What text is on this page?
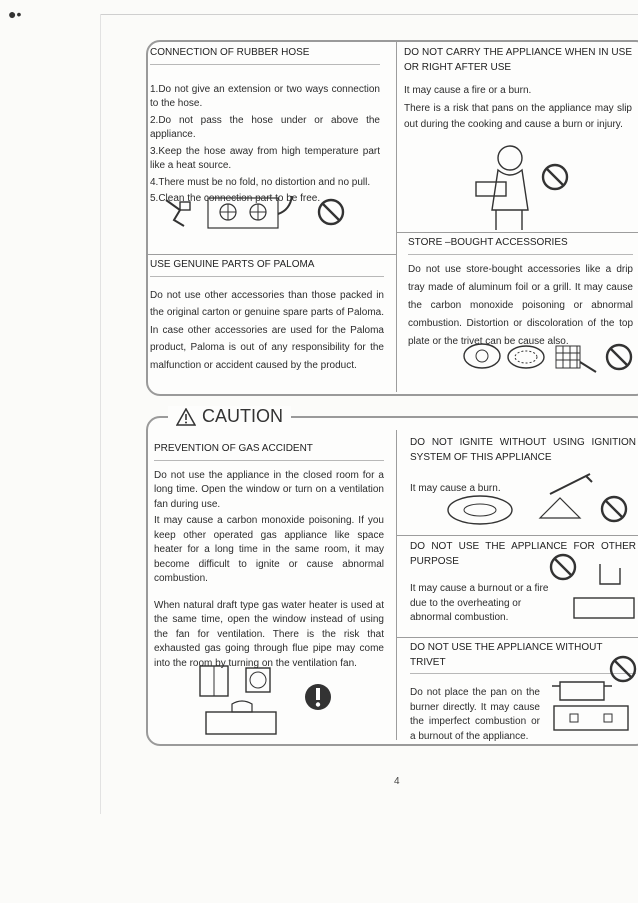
●•
CONNECTION OF RUBBER HOSE

1.Do not give an extension or two ways connection to the hose.

2.Do not pass the hose under or above the appliance.

3.Keep the hose away from high temperature part like a heat source.

4.There must be no fold, no distortion and no pull.

5.Clean the connection part to be free.

USE GENUINE PARTS OF PALOMA

Do not use other accessories than those packed in the original carton or genuine spare parts of Paloma. In case other accessories are used for the Paloma product, Paloma is out of any responsibility for the malfunction or accident caused by the product.

DO NOT CARRY THE APPLIANCE WHEN IN USE OR RIGHT AFTER USE

It may cause a fire or a burn.

There is a risk that pans on the appliance may slip out during the cooking and cause a burn or injury.

STORE –BOUGHT ACCESSORIES

Do not use store-bought accessories like a drip tray made of aluminum foil or a grill. It may cause the carbon monoxide poisoning or abnormal combustion. Distortion or discoloration of the top plate or the trivet can be cause also.

CAUTION
PREVENTION OF GAS ACCIDENT

Do not use the appliance in the closed room for a long time. Open the window or turn on a ventilation fan during use.

It may cause a carbon monoxide poisoning. If you keep other operated gas appliance like space heater for a long time in the same room, it may become difficult to ignite or cause abnormal combustion.

When natural draft type gas water heater is used at the same time, open the window instead of using the fan for ventilation. There is the risk that exhausted gas going through flue pipe may come into the room by turning on the ventilation fan.

DO NOT IGNITE WITHOUT USING IGNITION SYSTEM OF THIS APPLIANCE

It may cause a burn.

DO NOT USE THE APPLIANCE FOR OTHER PURPOSE

It may cause a burnout or a fire due to the overheating or abnormal combustion.

DO NOT USE THE APPLIANCE WITHOUT TRIVET

Do not place the pan on the burner directly. It may cause the imperfect combustion or a burnout of the appliance.

4
